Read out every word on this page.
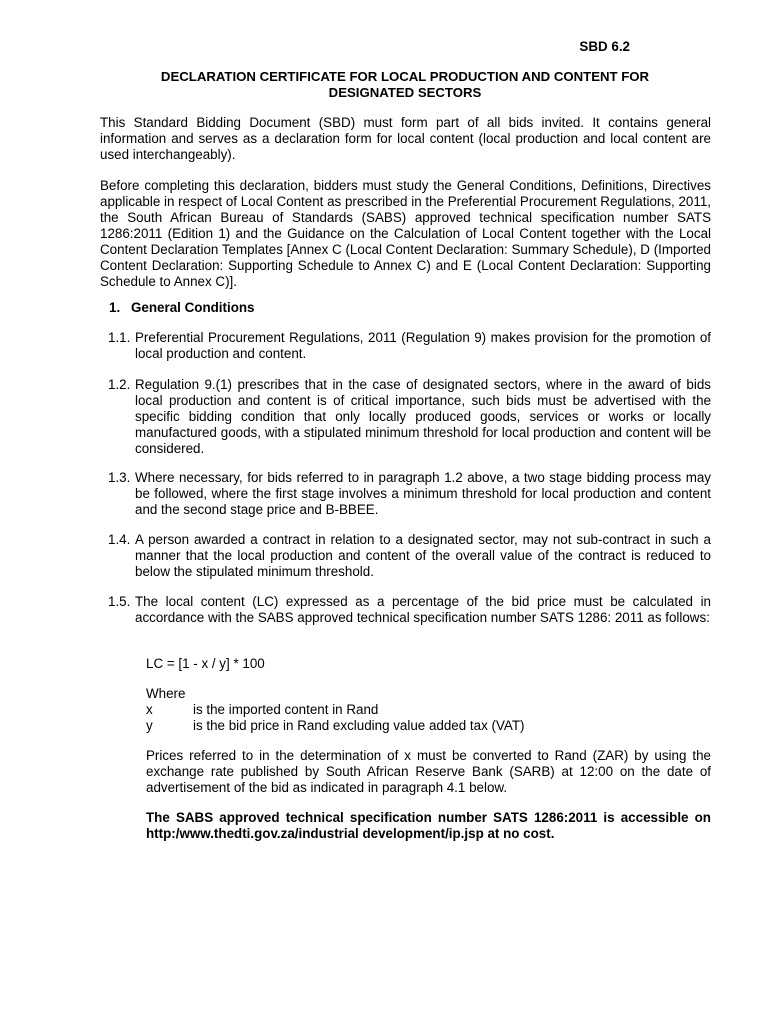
SBD 6.2
DECLARATION CERTIFICATE FOR LOCAL PRODUCTION AND CONTENT FOR
DESIGNATED SECTORS
This Standard Bidding Document (SBD) must form part of all bids invited. It contains general information and serves as a declaration form for local content (local production and local content are used interchangeably).
Before completing this declaration, bidders must study the General Conditions, Definitions, Directives applicable in respect of Local Content as prescribed in the Preferential Procurement Regulations, 2011, the South African Bureau of Standards (SABS) approved technical specification number SATS 1286:2011 (Edition 1) and the Guidance on the Calculation of Local Content together with the Local Content Declaration Templates [Annex C (Local Content Declaration: Summary Schedule), D (Imported Content Declaration: Supporting Schedule to Annex C) and E (Local Content Declaration: Supporting Schedule to Annex C)].
1. General Conditions
1.1. Preferential Procurement Regulations, 2011 (Regulation 9) makes provision for the promotion of local production and content.
1.2. Regulation 9.(1) prescribes that in the case of designated sectors, where in the award of bids local production and content is of critical importance, such bids must be advertised with the specific bidding condition that only locally produced goods, services or works or locally manufactured goods, with a stipulated minimum threshold for local production and content will be considered.
1.3. Where necessary, for bids referred to in paragraph 1.2 above, a two stage bidding process may be followed, where the first stage involves a minimum threshold for local production and content and the second stage price and B-BBEE.
1.4. A person awarded a contract in relation to a designated sector, may not sub-contract in such a manner that the local production and content of the overall value of the contract is reduced to below the stipulated minimum threshold.
1.5. The local content (LC) expressed as a percentage of the bid price must be calculated in accordance with the SABS approved technical specification number SATS 1286: 2011 as follows:
LC = [1 - x / y] * 100
Where
x	is the imported content in Rand
y	is the bid price in Rand excluding value added tax (VAT)
Prices referred to in the determination of x must be converted to Rand (ZAR) by using the exchange rate published by South African Reserve Bank (SARB) at 12:00 on the date of advertisement of the bid as indicated in paragraph 4.1 below.
The SABS approved technical specification number SATS 1286:2011 is accessible on http:/www.thedti.gov.za/industrial development/ip.jsp at no cost.
